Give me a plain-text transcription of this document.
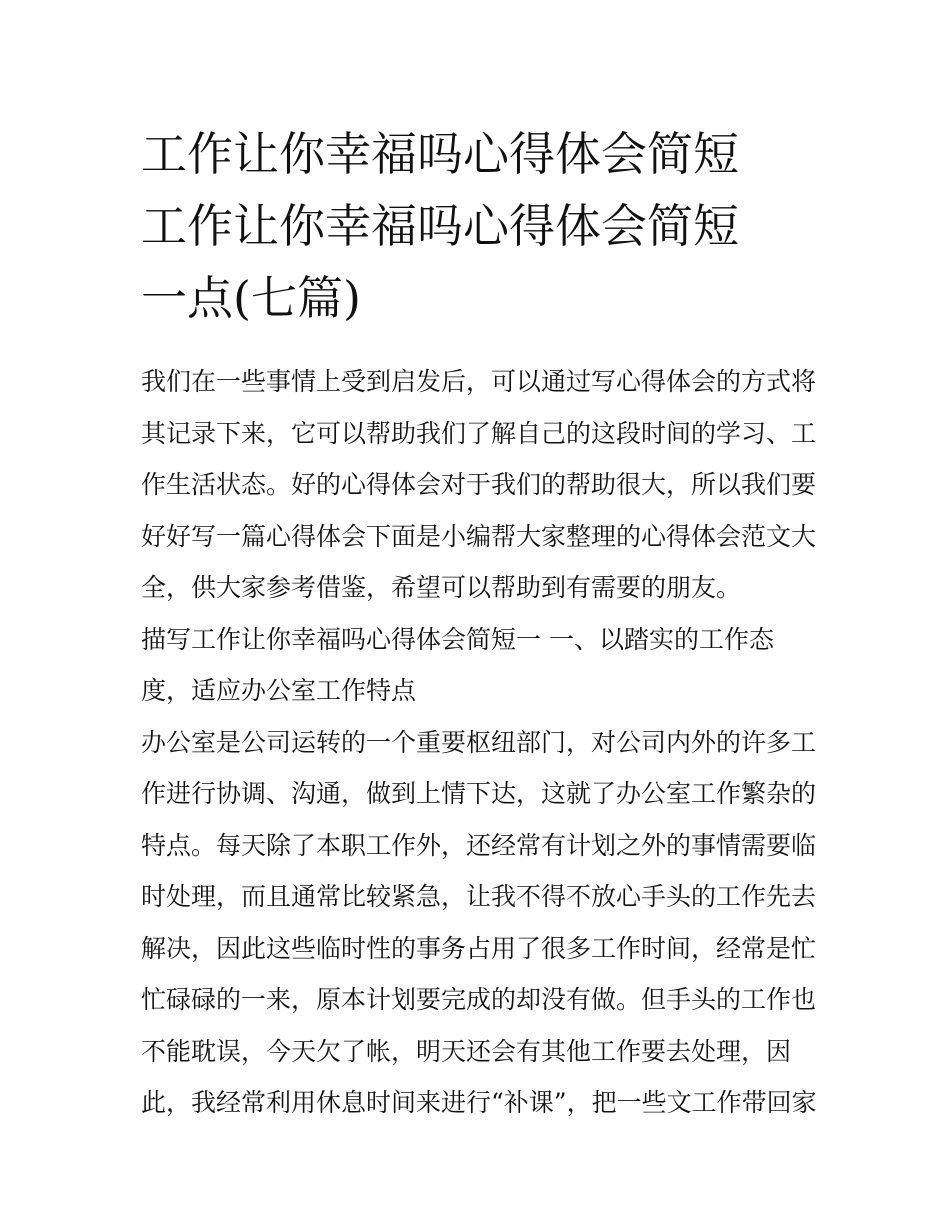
工作让你幸福吗心得体会简短
工作让你幸福吗心得体会简短
一点(七篇)
我们在一些事情上受到启发后，可以通过写心得体会的方式将
其记录下来，它可以帮助我们了解自己的这段时间的学习、工
作生活状态。好的心得体会对于我们的帮助很大，所以我们要
好好写一篇心得体会下面是小编帮大家整理的心得体会范文大
全，供大家参考借鉴，希望可以帮助到有需要的朋友。
描写工作让你幸福吗心得体会简短一 一、以踏实的工作态
度，适应办公室工作特点
办公室是公司运转的一个重要枢纽部门，对公司内外的许多工
作进行协调、沟通，做到上情下达，这就了办公室工作繁杂的
特点。每天除了本职工作外，还经常有计划之外的事情需要临
时处理，而且通常比较紧急，让我不得不放心手头的工作先去
解决，因此这些临时性的事务占用了很多工作时间，经常是忙
忙碌碌的一来，原本计划要完成的却没有做。但手头的工作也
不能耽误，今天欠了帐，明天还会有其他工作要去处理，因
此，我经常利用休息时间来进行“补课”，把一些文工作带回家
